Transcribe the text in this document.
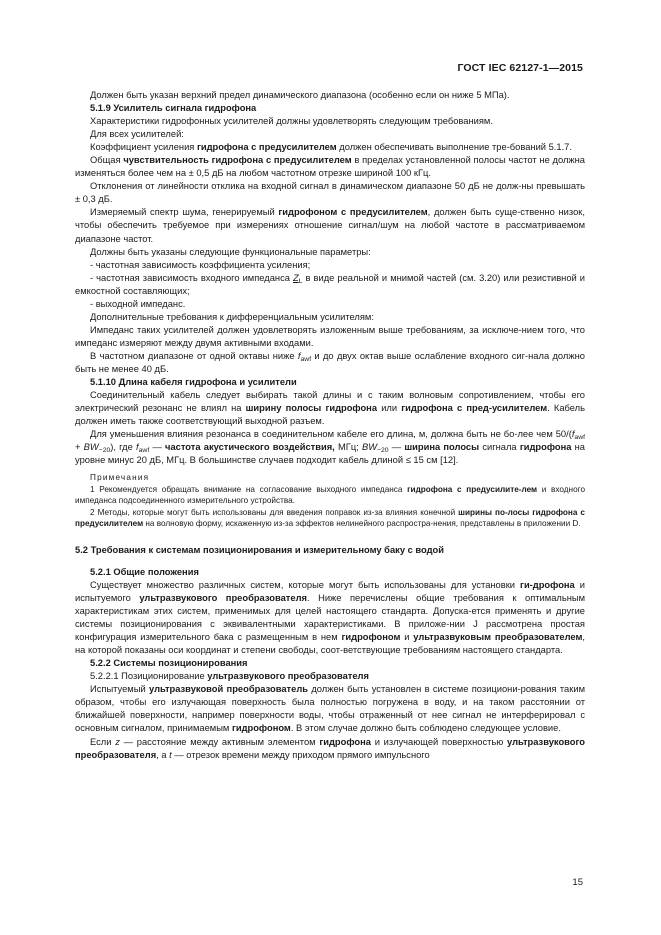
ГОСТ IEC 62127-1—2015

Должен быть указан верхний предел динамического диапазона (особенно если он ниже 5 МПа).

5.1.9 Усилитель сигнала гидрофона

Характеристики гидрофонных усилителей должны удовлетворять следующим требованиям.

Для всех усилителей:

Коэффициент усиления гидрофона с предусилителем должен обеспечивать выполнение тре-бований 5.1.7.

Общая чувствительность гидрофона с предусилителем в пределах установленной полосы частот не должна изменяться более чем на ± 0,5 дБ на любом частотном отрезке шириной 100 кГц.

Отклонения от линейности отклика на входной сигнал в динамическом диапазоне 50 дБ не долж-ны превышать ± 0,3 дБ.

Измеряемый спектр шума, генерируемый гидрофоном с предусилителем, должен быть суще-ственно низок, чтобы обеспечить требуемое при измерениях отношение сигнал/шум на любой частоте в рассматриваемом диапазоне частот.

Должны быть указаны следующие функциональные параметры:

- частотная зависимость коэффициента усиления;

- частотная зависимость входного импеданса $Z_L$ в виде реальной и мнимой частей (см. 3.20) или резистивной и емкостной составляющих;

- выходной импеданс.

Дополнительные требования к дифференциальным усилителям:

Импеданс таких усилителей должен удовлетворять изложенным выше требованиям, за исключе-нием того, что импеданс измеряют между двумя активными входами.

В частотном диапазоне от одной октавы ниже $f_{awf}$ и до двух октав выше ослабление входного сиг-нала должно быть не менее 40 дБ.

5.1.10 Длина кабеля гидрофона и усилители

Соединительный кабель следует выбирать такой длины и с таким волновым сопротивлением, чтобы его электрический резонанс не влиял на ширину полосы гидрофона или гидрофона с пред-усилителем. Кабель должен иметь также соответствующий выходной разъем.

Для уменьшения влияния резонанса в соединительном кабеле его длина, м, должна быть не бо-лее чем $50/(f_{awf} + BW_{-20})$, где $f_{awf}$ — частота акустического воздействия, МГц; $BW_{-20}$ — ширина полосы сигнала гидрофона на уровне минус 20 дБ, МГц. В большинстве случаев подходит кабель длиной ≤ 15 см [12].

Примечания

1 Рекомендуется обращать внимание на согласование выходного импеданса гидрофона с предусилите-лем и входного импеданса подсоединенного измерительного устройства.

2 Методы, которые могут быть использованы для введения поправок из-за влияния конечной ширины по-лосы гидрофона с предусилителем на волновую форму, искаженную из-за эффектов нелинейного распростра-нения, представлены в приложении D.

5.2 Требования к системам позиционирования и измерительному баку с водой

5.2.1 Общие положения

Существует множество различных систем, которые могут быть использованы для установки ги-дрофона и испытуемого ультразвукового преобразователя. Ниже перечислены общие требования к оптимальным характеристикам этих систем, применимых для целей настоящего стандарта. Допуска-ется применять и другие системы позиционирования с эквивалентными характеристиками. В приложе-нии J рассмотрена простая конфигурация измерительного бака с размещенным в нем гидрофоном и ультразвуковым преобразователем, на которой показаны оси координат и степени свободы, соот-ветствующие требованиям настоящего стандарта.

5.2.2 Системы позиционирования

5.2.2.1 Позиционирование ультразвукового преобразователя

Испытуемый ультразвуковой преобразователь должен быть установлен в системе позициони-рования таким образом, чтобы его излучающая поверхность была полностью погружена в воду, и на таком расстоянии от ближайшей поверхности, например поверхности воды, чтобы отраженный от нее сигнал не интерферировал с основным сигналом, принимаемым гидрофоном. В этом случае должно быть соблюдено следующее условие.

Если z — расстояние между активным элементом гидрофона и излучающей поверхностью ультразвукового преобразователя, а t — отрезок времени между приходом прямого импульсного

15
